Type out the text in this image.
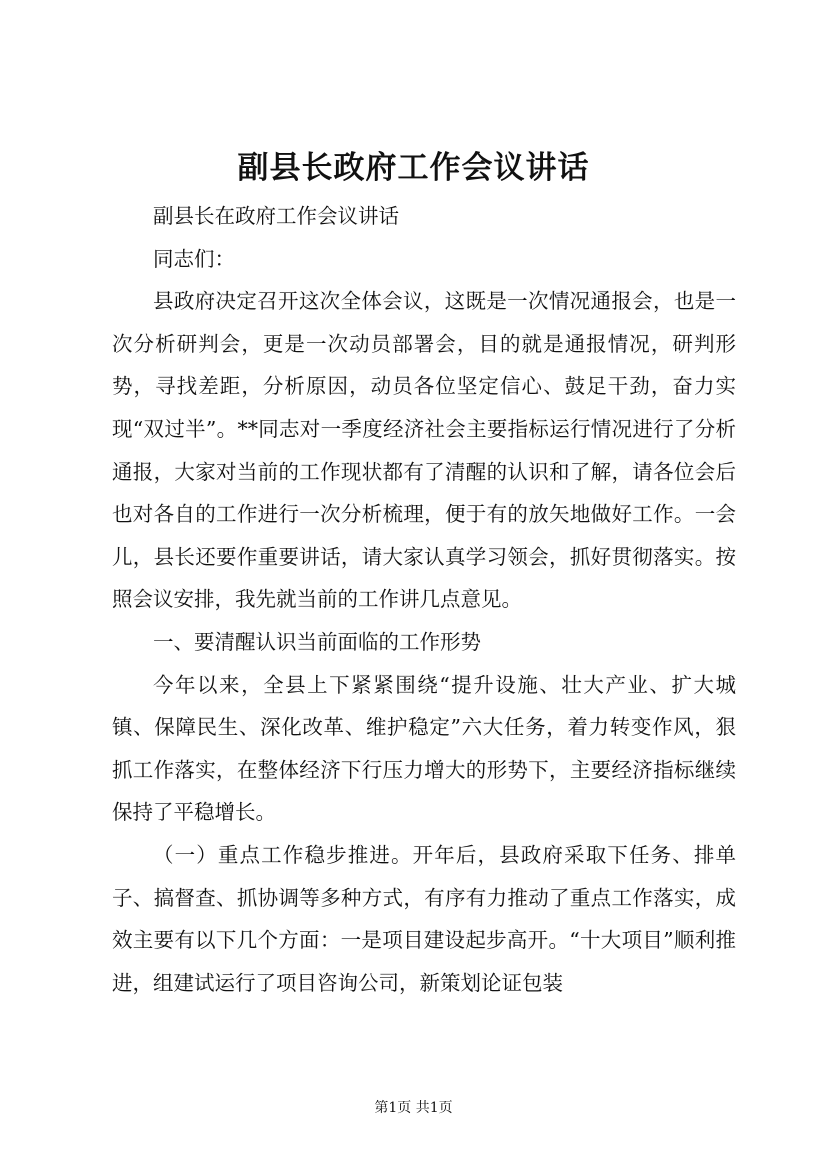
副县长政府工作会议讲话

副县长在政府工作会议讲话

同志们：

县政府决定召开这次全体会议，这既是一次情况通报会，也是一次分析研判会，更是一次动员部署会，目的就是通报情况，研判形势，寻找差距，分析原因，动员各位坚定信心、鼓足干劲，奋力实现“双过半”。**同志对一季度经济社会主要指标运行情况进行了分析通报，大家对当前的工作现状都有了清醒的认识和了解，请各位会后也对各自的工作进行一次分析梳理，便于有的放矢地做好工作。一会儿，县长还要作重要讲话，请大家认真学习领会，抓好贯彻落实。按照会议安排，我先就当前的工作讲几点意见。

一、要清醒认识当前面临的工作形势

今年以来，全县上下紧紧围绕“提升设施、壮大产业、扩大城镇、保障民生、深化改革、维护稳定”六大任务，着力转变作风，狠抓工作落实，在整体经济下行压力增大的形势下，主要经济指标继续保持了平稳增长。

（一）重点工作稳步推进。开年后，县政府采取下任务、排单子、搞督查、抓协调等多种方式，有序有力推动了重点工作落实，成效主要有以下几个方面：一是项目建设起步高开。“十大项目”顺利推进，组建试运行了项目咨询公司，新策划论证包装

第1页 共1页
